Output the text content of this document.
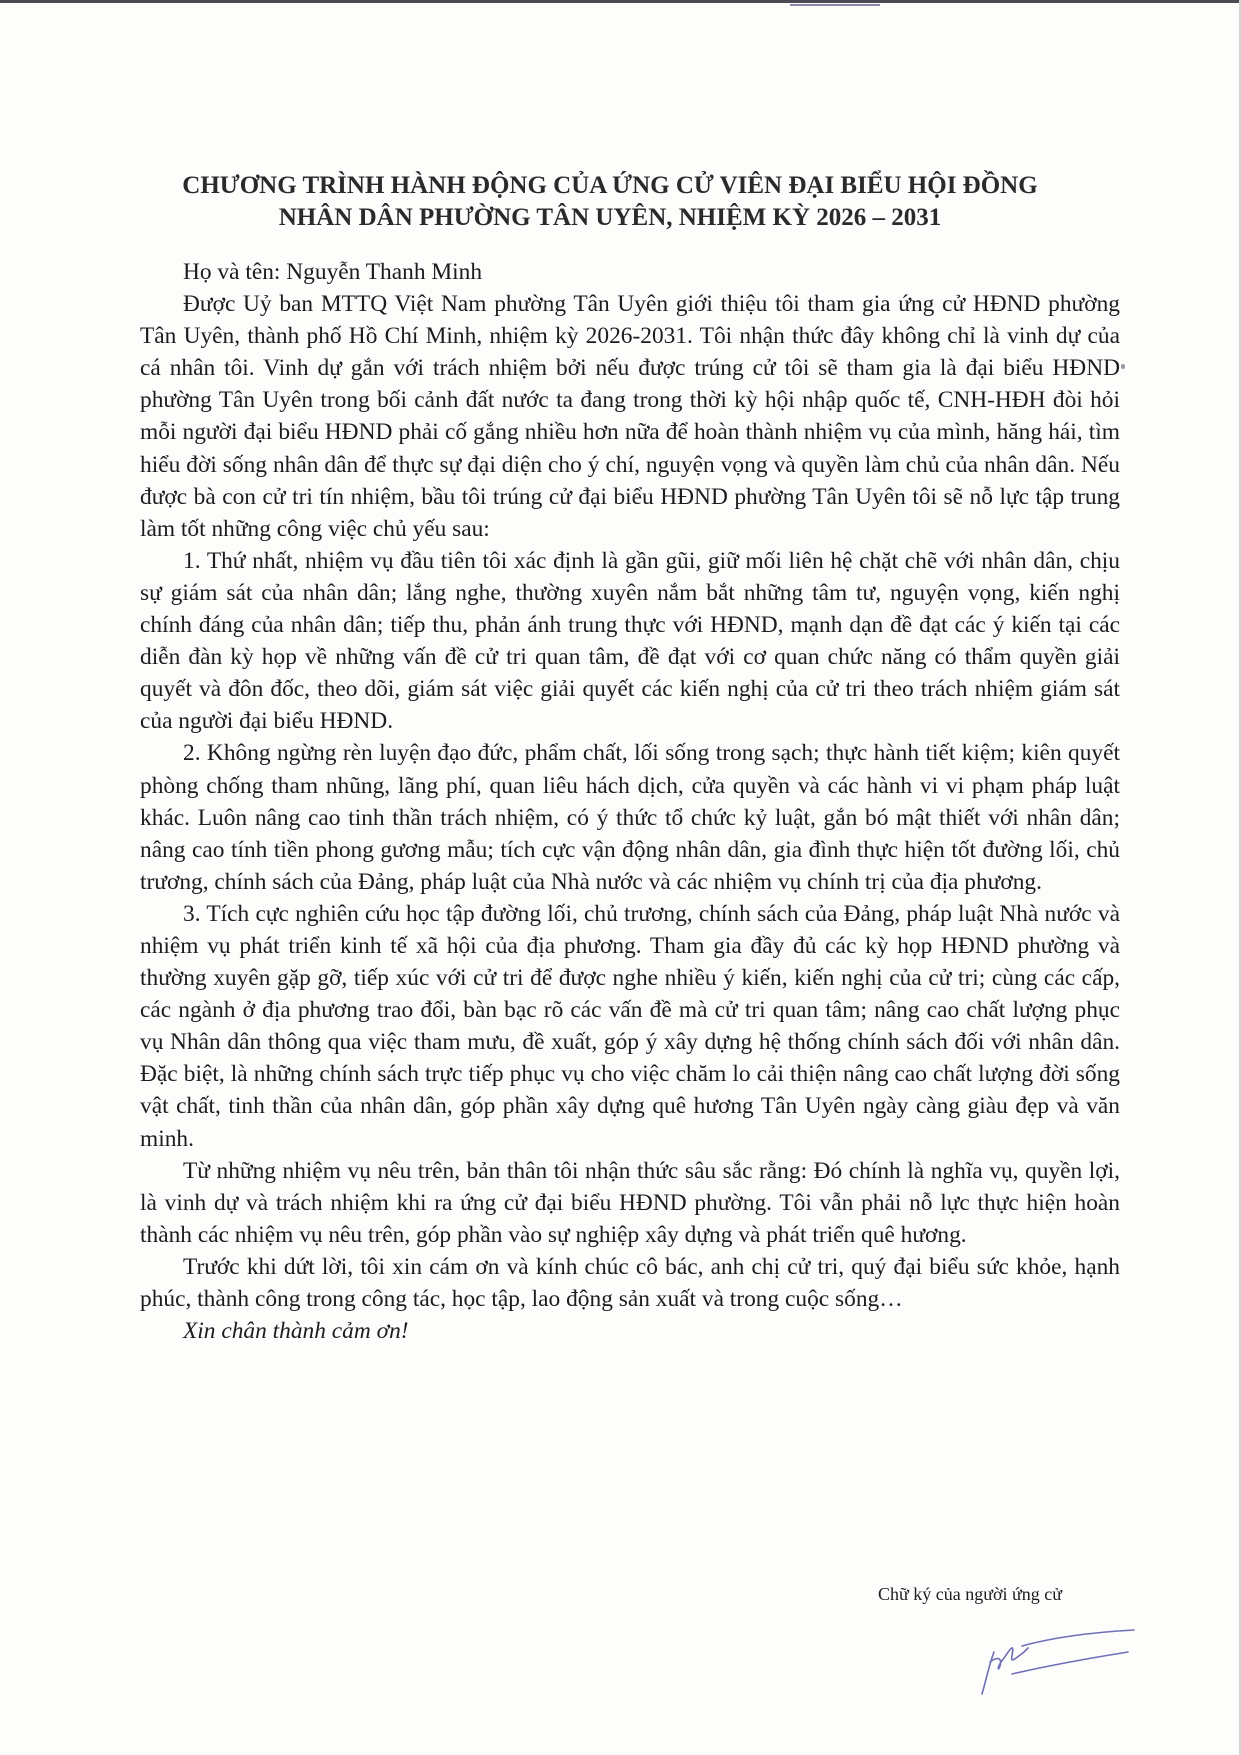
CHƯƠNG TRÌNH HÀNH ĐỘNG CỦA ỨNG CỬ VIÊN ĐẠI BIỂU HỘI ĐỒNG
NHÂN DÂN PHƯỜNG TÂN UYÊN, NHIỆM KỲ 2026 – 2031

Họ và tên: Nguyễn Thanh Minh

Được Uỷ ban MTTQ Việt Nam phường Tân Uyên giới thiệu tôi tham gia ứng cử HĐND phường Tân Uyên, thành phố Hồ Chí Minh, nhiệm kỳ 2026-2031. Tôi nhận thức đây không chỉ là vinh dự của cá nhân tôi. Vinh dự gắn với trách nhiệm bởi nếu được trúng cử tôi sẽ tham gia là đại biểu HĐND phường Tân Uyên trong bối cảnh đất nước ta đang trong thời kỳ hội nhập quốc tế, CNH-HĐH đòi hỏi mỗi người đại biểu HĐND phải cố gắng nhiều hơn nữa để hoàn thành nhiệm vụ của mình, hăng hái, tìm hiểu đời sống nhân dân để thực sự đại diện cho ý chí, nguyện vọng và quyền làm chủ của nhân dân. Nếu được bà con cử tri tín nhiệm, bầu tôi trúng cử đại biểu HĐND phường Tân Uyên tôi sẽ nỗ lực tập trung làm tốt những công việc chủ yếu sau:

1. Thứ nhất, nhiệm vụ đầu tiên tôi xác định là gần gũi, giữ mối liên hệ chặt chẽ với nhân dân, chịu sự giám sát của nhân dân; lắng nghe, thường xuyên nắm bắt những tâm tư, nguyện vọng, kiến nghị chính đáng của nhân dân; tiếp thu, phản ánh trung thực với HĐND, mạnh dạn đề đạt các ý kiến tại các diễn đàn kỳ họp về những vấn đề cử tri quan tâm, đề đạt với cơ quan chức năng có thẩm quyền giải quyết và đôn đốc, theo dõi, giám sát việc giải quyết các kiến nghị của cử tri theo trách nhiệm giám sát của người đại biểu HĐND.

2. Không ngừng rèn luyện đạo đức, phẩm chất, lối sống trong sạch; thực hành tiết kiệm; kiên quyết phòng chống tham nhũng, lãng phí, quan liêu hách dịch, cửa quyền và các hành vi vi phạm pháp luật khác. Luôn nâng cao tinh thần trách nhiệm, có ý thức tổ chức kỷ luật, gắn bó mật thiết với nhân dân; nâng cao tính tiền phong gương mẫu; tích cực vận động nhân dân, gia đình thực hiện tốt đường lối, chủ trương, chính sách của Đảng, pháp luật của Nhà nước và các nhiệm vụ chính trị của địa phương.

3. Tích cực nghiên cứu học tập đường lối, chủ trương, chính sách của Đảng, pháp luật Nhà nước và nhiệm vụ phát triển kinh tế xã hội của địa phương. Tham gia đầy đủ các kỳ họp HĐND phường và thường xuyên gặp gỡ, tiếp xúc với cử tri để được nghe nhiều ý kiến, kiến nghị của cử tri; cùng các cấp, các ngành ở địa phương trao đổi, bàn bạc rõ các vấn đề mà cử tri quan tâm; nâng cao chất lượng phục vụ Nhân dân thông qua việc tham mưu, đề xuất, góp ý xây dựng hệ thống chính sách đối với nhân dân. Đặc biệt, là những chính sách trực tiếp phục vụ cho việc chăm lo cải thiện nâng cao chất lượng đời sống vật chất, tinh thần của nhân dân, góp phần xây dựng quê hương Tân Uyên ngày càng giàu đẹp và văn minh.

Từ những nhiệm vụ nêu trên, bản thân tôi nhận thức sâu sắc rằng: Đó chính là nghĩa vụ, quyền lợi, là vinh dự và trách nhiệm khi ra ứng cử đại biểu HĐND phường. Tôi vẫn phải nỗ lực thực hiện hoàn thành các nhiệm vụ nêu trên, góp phần vào sự nghiệp xây dựng và phát triển quê hương.

Trước khi dứt lời, tôi xin cám ơn và kính chúc cô bác, anh chị cử tri, quý đại biểu sức khỏe, hạnh phúc, thành công trong công tác, học tập, lao động sản xuất và trong cuộc sống…

Xin chân thành cảm ơn!

Chữ ký của người ứng cử
